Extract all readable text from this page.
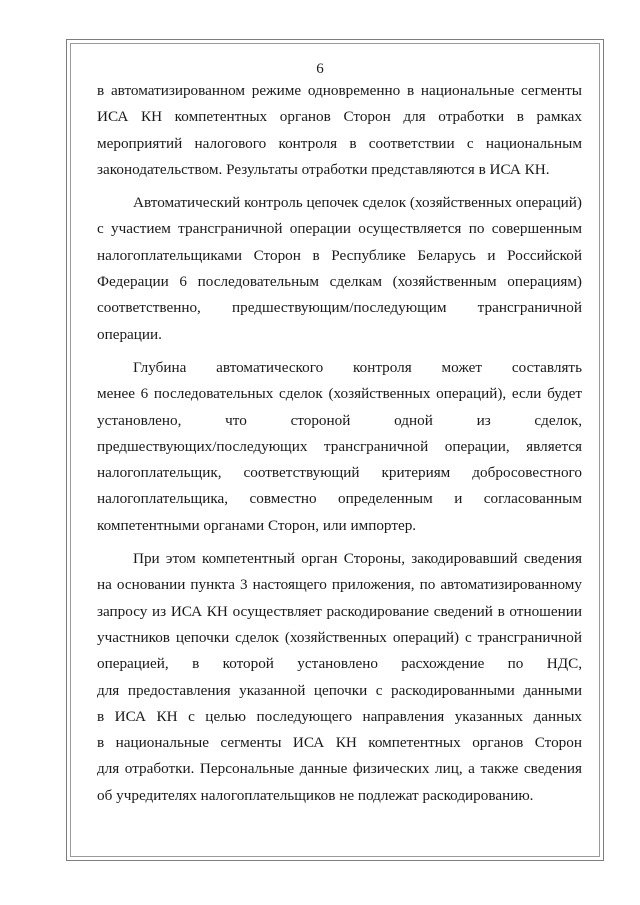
6
в автоматизированном режиме одновременно в национальные сегменты
ИСА КН компетентных органов Сторон для отработки в рамках
мероприятий налогового контроля в соответствии с национальным
законодательством. Результаты отработки представляются в ИСА КН.
Автоматический контроль цепочек сделок (хозяйственных операций)
с участием трансграничной операции осуществляется по совершенным
налогоплательщиками Сторон в Республике Беларусь и Российской
Федерации 6 последовательным сделкам (хозяйственным операциям)
соответственно, предшествующим/последующим трансграничной
операции.
Глубина автоматического контроля может составлять
менее 6 последовательных сделок (хозяйственных операций), если будет
установлено, что стороной одной из сделок,
предшествующих/последующих трансграничной операции, является
налогоплательщик, соответствующий критериям добросовестного
налогоплательщика, совместно определенным и согласованным
компетентными органами Сторон, или импортер.
При этом компетентный орган Стороны, закодировавший сведения
на основании пункта 3 настоящего приложения, по автоматизированному
запросу из ИСА КН осуществляет раскодирование сведений в отношении
участников цепочки сделок (хозяйственных операций) с трансграничной
операцией, в которой установлено расхождение по НДС,
для предоставления указанной цепочки с раскодированными данными
в ИСА КН с целью последующего направления указанных данных
в национальные сегменты ИСА КН компетентных органов Сторон
для отработки. Персональные данные физических лиц, а также сведения
об учредителях налогоплательщиков не подлежат раскодированию.
